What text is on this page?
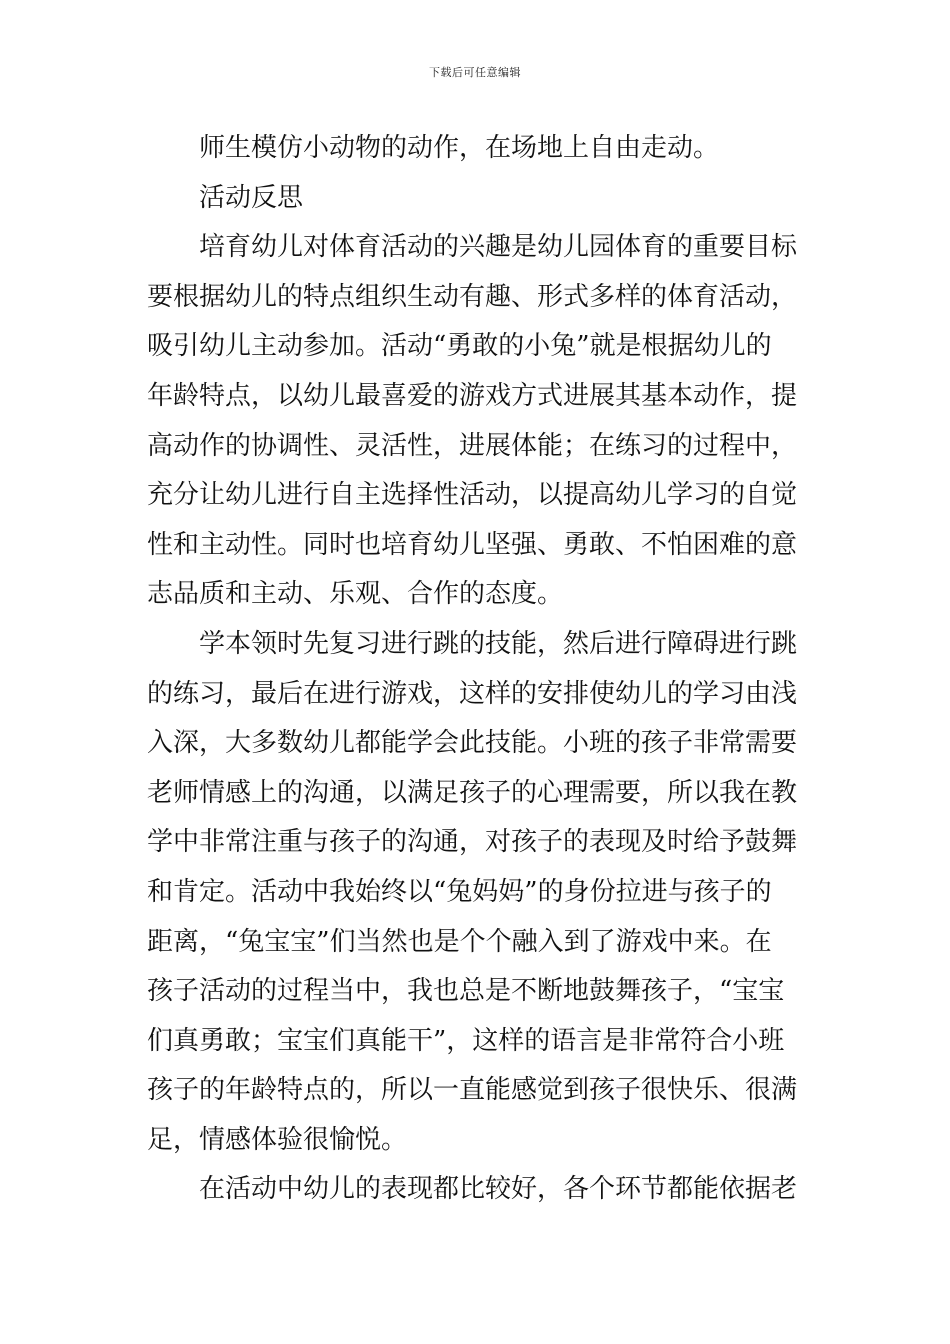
下载后可任意编辑
师生模仿小动物的动作，在场地上自由走动。
活动反思
培育幼儿对体育活动的兴趣是幼儿园体育的重要目标
要根据幼儿的特点组织生动有趣、形式多样的体育活动，
吸引幼儿主动参加。活动“勇敢的小兔”就是根据幼儿的
年龄特点，以幼儿最喜爱的游戏方式进展其基本动作，提
高动作的协调性、灵活性，进展体能；在练习的过程中，
充分让幼儿进行自主选择性活动，以提高幼儿学习的自觉
性和主动性。同时也培育幼儿坚强、勇敢、不怕困难的意
志品质和主动、乐观、合作的态度。
学本领时先复习进行跳的技能，然后进行障碍进行跳
的练习，最后在进行游戏，这样的安排使幼儿的学习由浅
入深，大多数幼儿都能学会此技能。小班的孩子非常需要
老师情感上的沟通，以满足孩子的心理需要，所以我在教
学中非常注重与孩子的沟通，对孩子的表现及时给予鼓舞
和肯定。活动中我始终以“兔妈妈”的身份拉进与孩子的
距离，“兔宝宝”们当然也是个个融入到了游戏中来。在
孩子活动的过程当中，我也总是不断地鼓舞孩子，“宝宝
们真勇敢；宝宝们真能干”，这样的语言是非常符合小班
孩子的年龄特点的，所以一直能感觉到孩子很快乐、很满
足，情感体验很愉悦。
在活动中幼儿的表现都比较好，各个环节都能依据老
